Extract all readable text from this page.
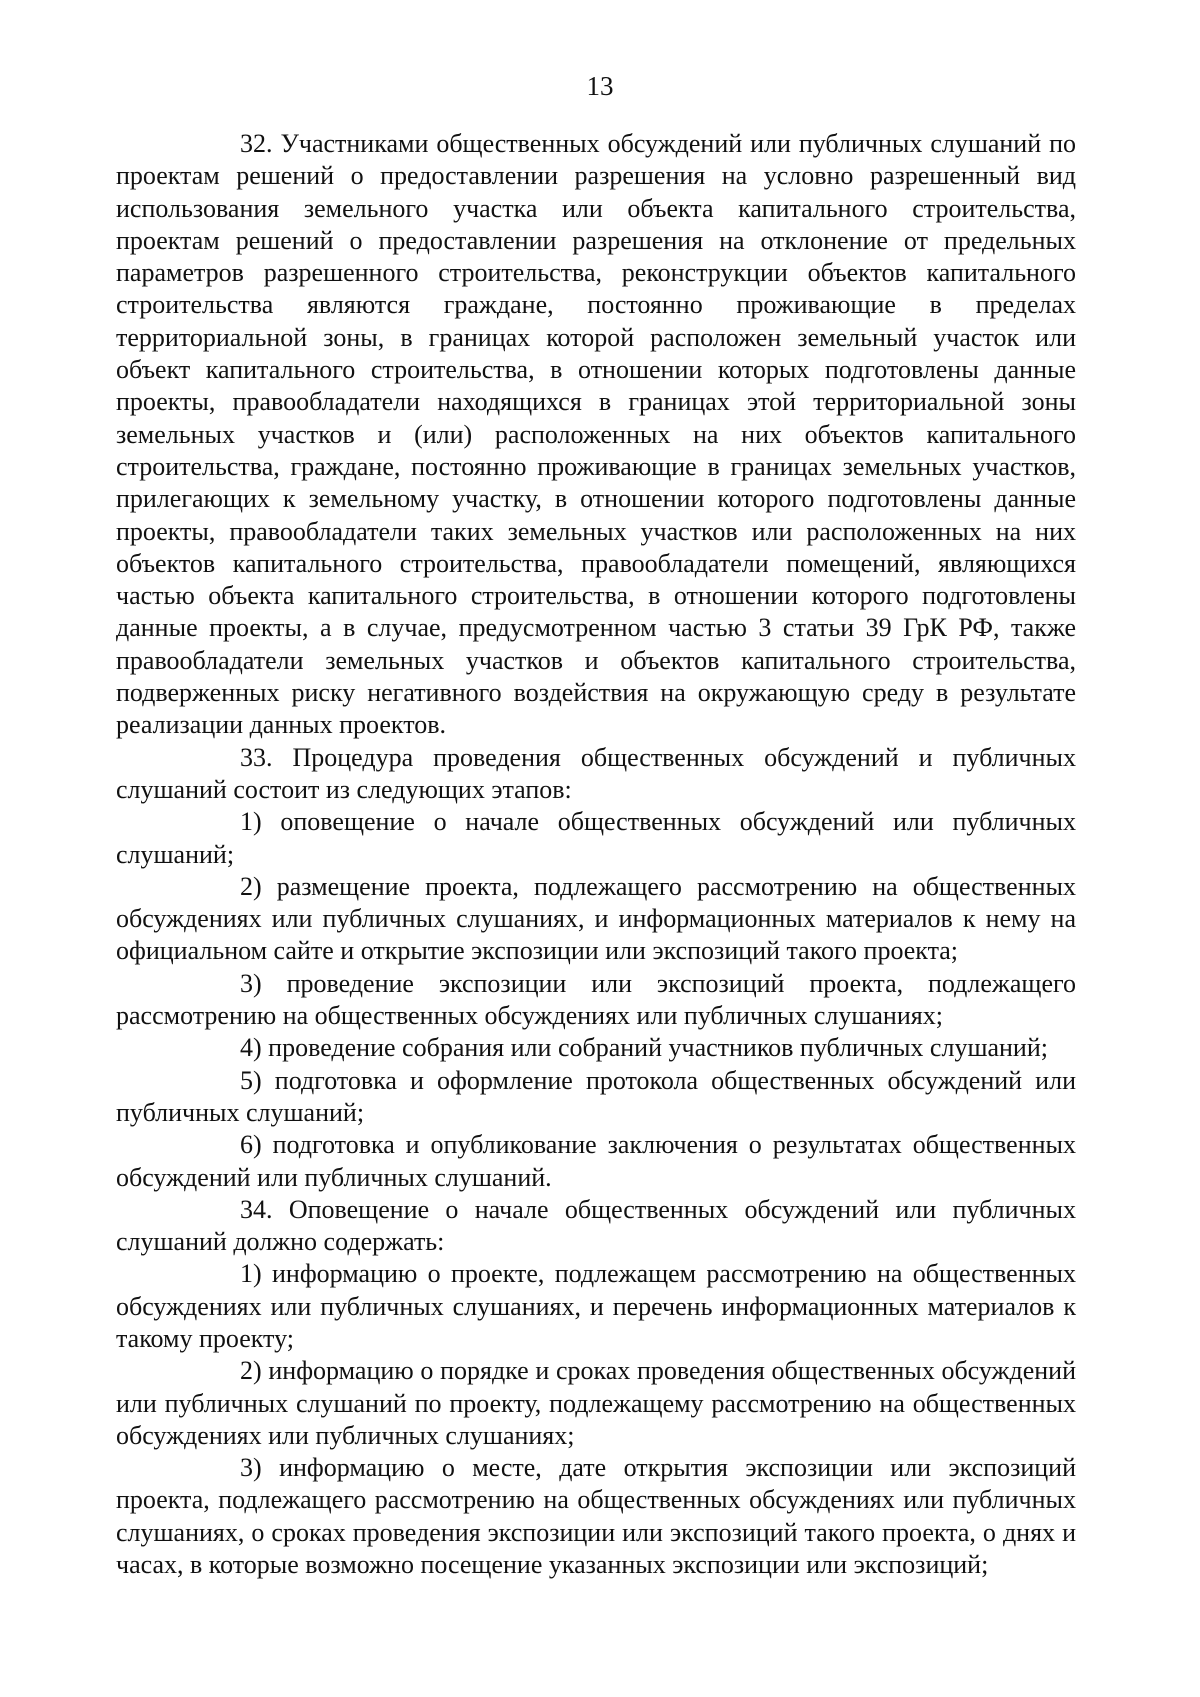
13

32. Участниками общественных обсуждений или публичных слушаний по проектам решений о предоставлении разрешения на условно разрешенный вид использования земельного участка или объекта капитального строительства, проектам решений о предоставлении разрешения на отклонение от предельных параметров разрешенного строительства, реконструкции объектов капитального строительства являются граждане, постоянно проживающие в пределах территориальной зоны, в границах которой расположен земельный участок или объект капитального строительства, в отношении которых подготовлены данные проекты, правообладатели находящихся в границах этой территориальной зоны земельных участков и (или) расположенных на них объектов капитального строительства, граждане, постоянно проживающие в границах земельных участков, прилегающих к земельному участку, в отношении которого подготовлены данные проекты, правообладатели таких земельных участков или расположенных на них объектов капитального строительства, правообладатели помещений, являющихся частью объекта капитального строительства, в отношении которого подготовлены данные проекты, а в случае, предусмотренном частью 3 статьи 39 ГрК РФ, также правообладатели земельных участков и объектов капитального строительства, подверженных риску негативного воздействия на окружающую среду в результате реализации данных проектов.

33. Процедура проведения общественных обсуждений и публичных слушаний состоит из следующих этапов:

1) оповещение о начале общественных обсуждений или публичных слушаний;

2) размещение проекта, подлежащего рассмотрению на общественных обсуждениях или публичных слушаниях, и информационных материалов к нему на официальном сайте и открытие экспозиции или экспозиций такого проекта;

3) проведение экспозиции или экспозиций проекта, подлежащего рассмотрению на общественных обсуждениях или публичных слушаниях;

4) проведение собрания или собраний участников публичных слушаний;

5) подготовка и оформление протокола общественных обсуждений или публичных слушаний;

6) подготовка и опубликование заключения о результатах общественных обсуждений или публичных слушаний.

34. Оповещение о начале общественных обсуждений или публичных слушаний должно содержать:

1) информацию о проекте, подлежащем рассмотрению на общественных обсуждениях или публичных слушаниях, и перечень информационных материалов к такому проекту;

2) информацию о порядке и сроках проведения общественных обсуждений или публичных слушаний по проекту, подлежащему рассмотрению на общественных обсуждениях или публичных слушаниях;

3) информацию о месте, дате открытия экспозиции или экспозиций проекта, подлежащего рассмотрению на общественных обсуждениях или публичных слушаниях, о сроках проведения экспозиции или экспозиций такого проекта, о днях и часах, в которые возможно посещение указанных экспозиции или экспозиций;
